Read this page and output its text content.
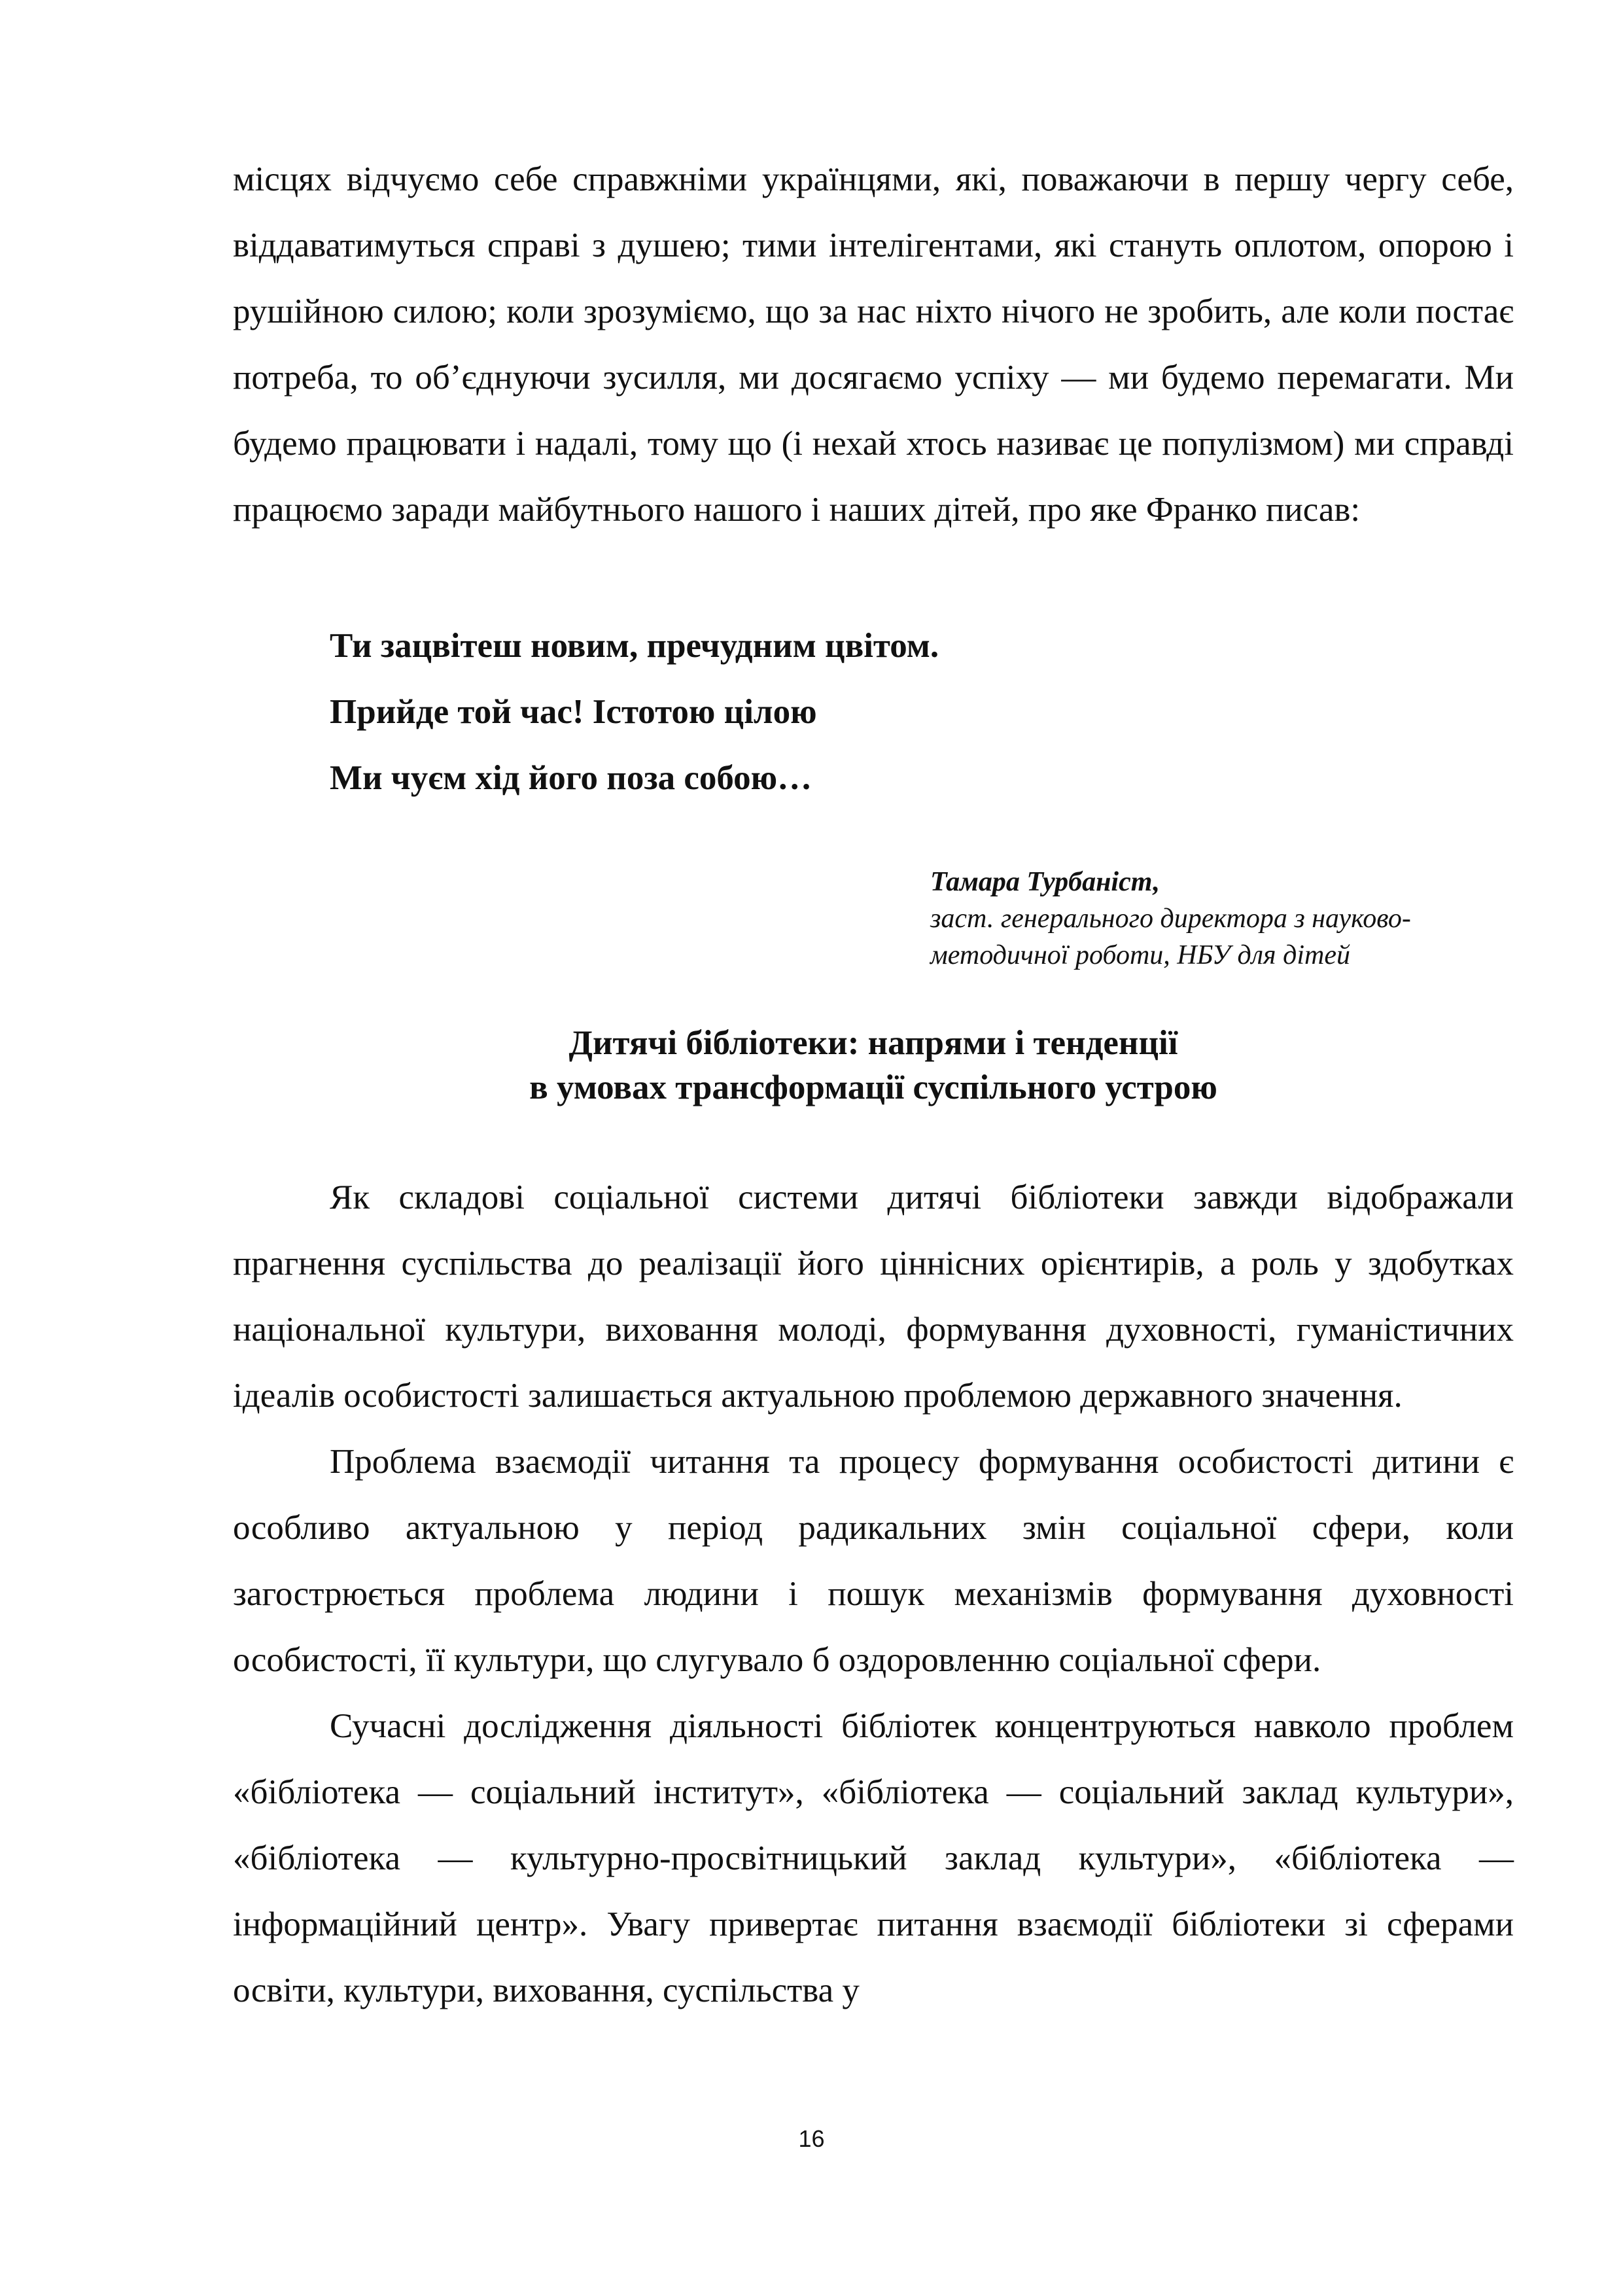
місцях відчуємо себе справжніми українцями, які, поважаючи в першу чергу себе, віддаватимуться справі з душею; тими інтелігентами, які стануть оплотом, опорою і рушійною силою; коли зрозуміємо, що за нас ніхто нічого не зробить, але коли постає потреба, то об’єднуючи зусилля, ми досягаємо успіху — ми будемо перемагати. Ми будемо працювати і надалі, тому що (і нехай хтось називає це популізмом) ми справді працюємо заради майбутнього нашого і наших дітей, про яке Франко писав:

Ти зацвітеш новим, пречудним цвітом.
Прийде той час! Істотою цілою
Ми чуєм хід його поза собою…
Тамара Турбаніст,
заст. генерального директора з науково-
методичної роботи, НБУ для дітей
Дитячі бібліотеки: напрями і тенденції
в умовах трансформації суспільного устрою

Як складові соціальної системи дитячі бібліотеки завжди відображали прагнення суспільства до реалізації його ціннісних орієнтирів, а роль у здобутках національної культури, виховання молоді, формування духовності, гуманістичних ідеалів особистості залишається актуальною проблемою державного значення.

Проблема взаємодії читання та процесу формування особистості дитини є особливо актуальною у період радикальних змін соціальної сфери, коли загострюється проблема людини і пошук механізмів формування духовності особистості, її культури, що слугувало б оздоровленню соціальної сфери.

Сучасні дослідження діяльності бібліотек концентруються навколо проблем «бібліотека — соціальний інститут», «бібліотека — соціальний заклад культури», «бібліотека — культурно-просвітницький заклад культури», «бібліотека — інформаційний центр». Увагу привертає питання взаємодії бібліотеки зі сферами освіти, культури, виховання, суспільства у

16
